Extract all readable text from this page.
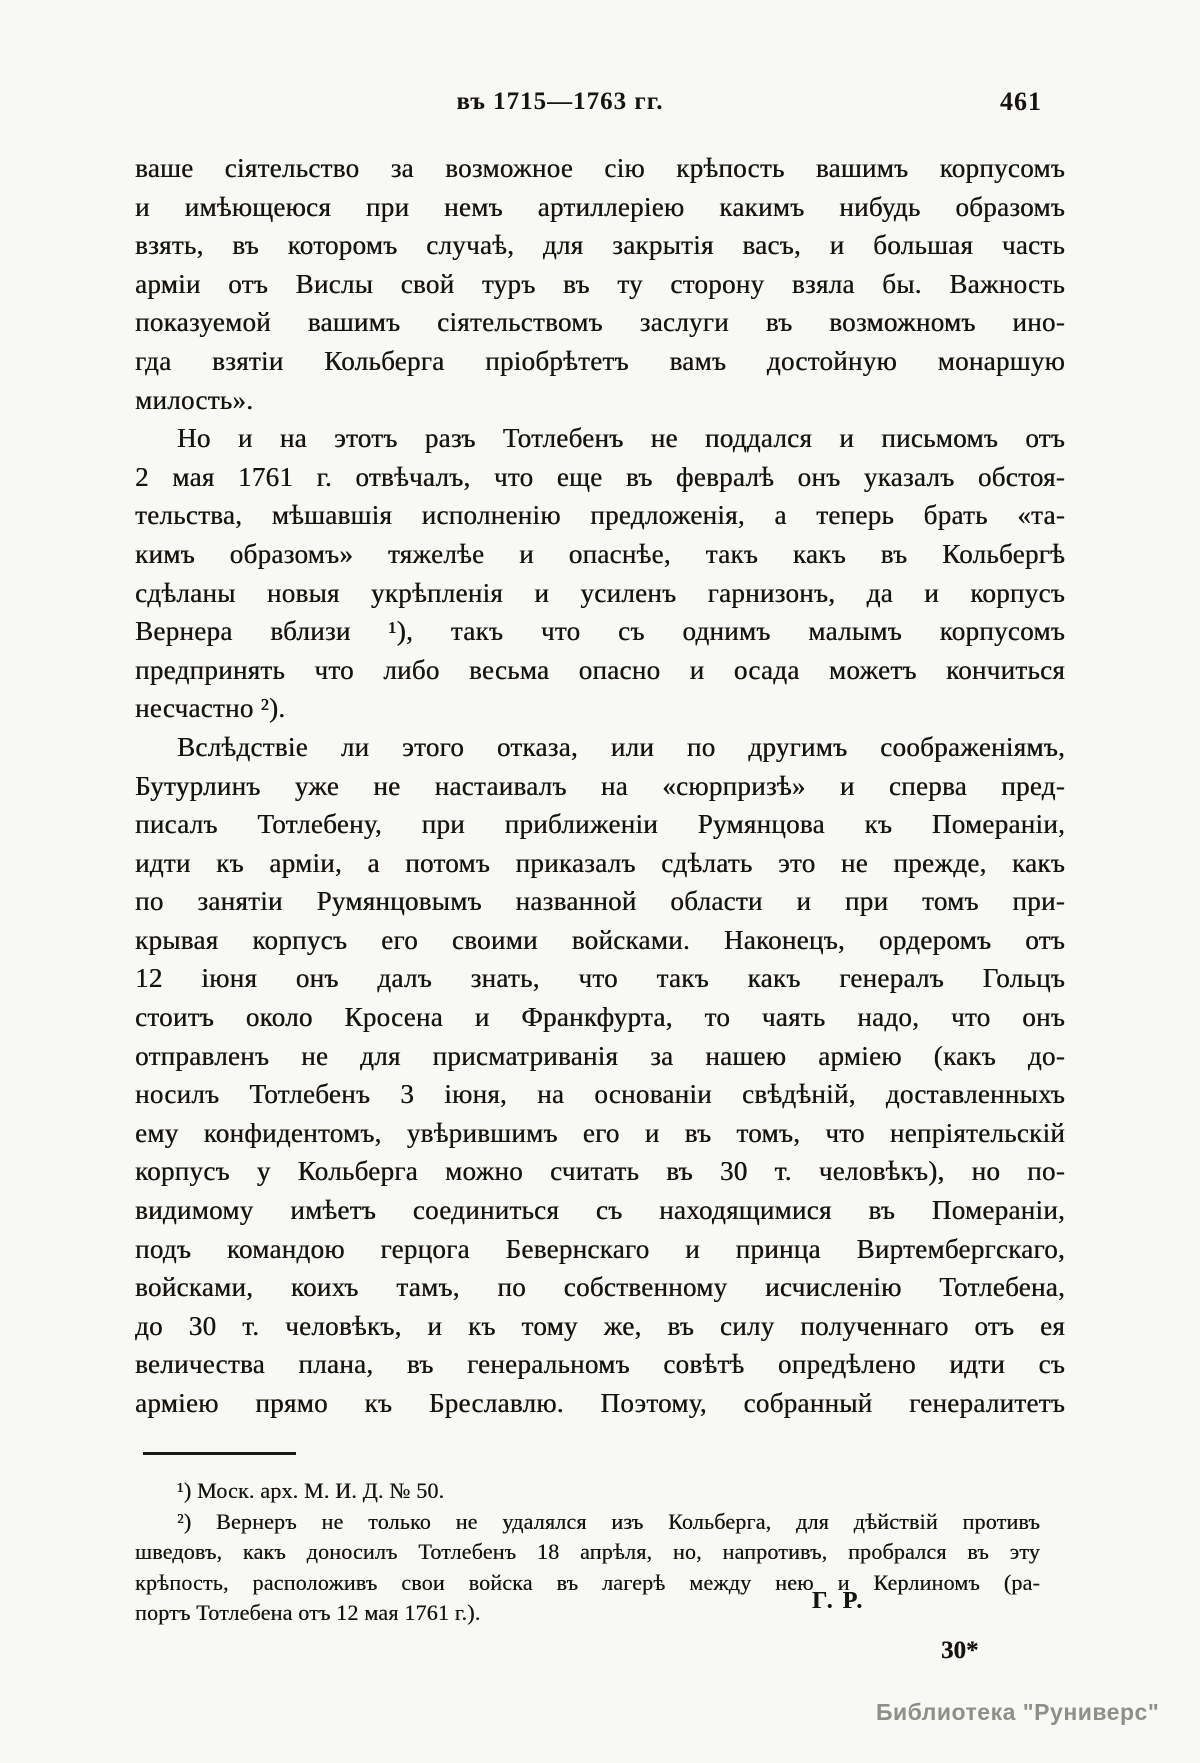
въ 1715—1763 гг.	461
ваше сіятельство за возможное сію крѣпость вашимъ корпусомъ
и имѣющеюся при немъ артиллеріею какимъ нибудь образомъ
взять, въ которомъ случаѣ, для закрытія васъ, и большая часть
арміи отъ Вислы свой туръ въ ту сторону взяла бы. Важность
показуемой вашимъ сіятельствомъ заслуги въ возможномъ ино-
гда взятіи Кольберга пріобрѣтетъ вамъ достойную монаршую
милость».
Но и на этотъ разъ Тотлебенъ не поддался и письмомъ отъ
2 мая 1761 г. отвѣчалъ, что еще въ февралѣ онъ указалъ обстоя-
тельства, мѣшавшія исполненію предложенія, а теперь брать «та-
кимъ образомъ» тяжелѣе и опаснѣе, такъ какъ въ Кольбергѣ
сдѣланы новыя укрѣпленія и усиленъ гарнизонъ, да и корпусъ
Вернера вблизи ¹), такъ что съ однимъ малымъ корпусомъ
предпринять что либо весьма опасно и осада можетъ кончиться
несчастно ²).
Вслѣдствіе ли этого отказа, или по другимъ соображеніямъ,
Бутурлинъ уже не настаивалъ на «сюрпризѣ» и сперва пред-
писалъ Тотлебену, при приближеніи Румянцова къ Помераніи,
идти къ арміи, а потомъ приказалъ сдѣлать это не прежде, какъ
по занятіи Румянцовымъ названной области и при томъ при-
крывая корпусъ его своими войсками. Наконецъ, ордеромъ отъ
12 іюня онъ далъ знать, что такъ какъ генералъ Гольцъ
стоитъ около Кросена и Франкфурта, то чаять надо, что онъ
отправленъ не для присматриванія за нашею арміею (какъ до-
носилъ Тотлебенъ 3 іюня, на основаніи свѣдѣній, доставленныхъ
ему конфидентомъ, увѣрившимъ его и въ томъ, что непріятельскій
корпусъ у Кольберга можно считать въ 30 т. человѣкъ), но по-
видимому имѣетъ соединиться съ находящимися въ Помераніи,
подъ командою герцога Бевернскаго и принца Виртембергскаго,
войсками, коихъ тамъ, по собственному исчисленію Тотлебена,
до 30 т. человѣкъ, и къ тому же, въ силу полученнаго отъ ея
величества плана, въ генеральномъ совѣтѣ опредѣлено идти съ
арміею прямо къ Бреславлю. Поэтому, собранный генералитетъ
¹) Моск. арх. М. И. Д. № 50.
²) Вернеръ не только не удалялся изъ Кольберга, для дѣйствій противъ
шведовъ, какъ доносилъ Тотлебенъ 18 апрѣля, но, напротивъ, пробрался въ эту
крѣпость, расположивъ свои войска въ лагерѣ между нею и Керлиномъ (ра-
портъ Тотлебена отъ 12 мая 1761 г.).	Г. Р.
30*
Библиотека "Руниверс"
